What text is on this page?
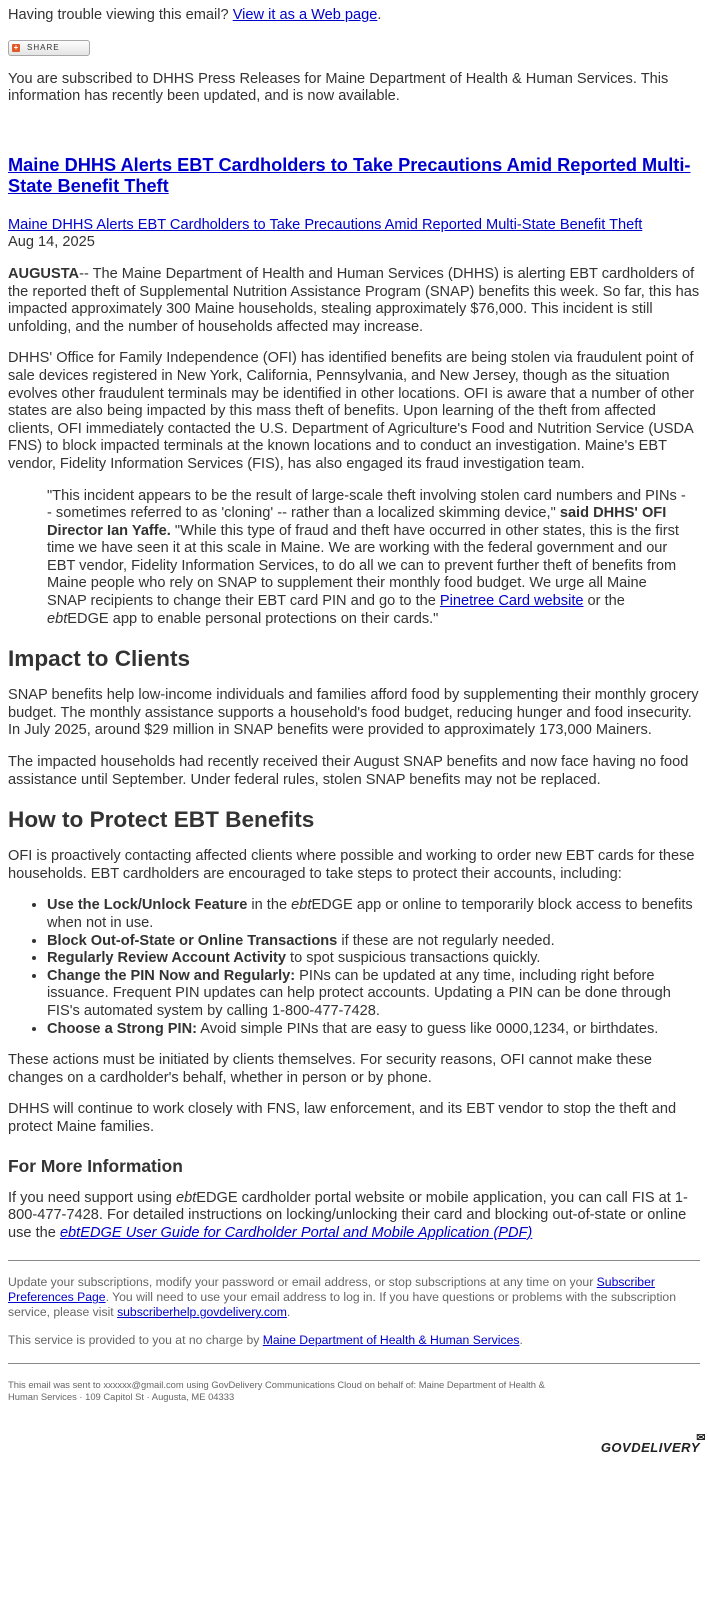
Having trouble viewing this email? View it as a Web page.

+ SHARE

You are subscribed to DHHS Press Releases for Maine Department of Health & Human Services. This information has recently been updated, and is now available.

Maine DHHS Alerts EBT Cardholders to Take Precautions Amid Reported Multi-State Benefit Theft

Maine DHHS Alerts EBT Cardholders to Take Precautions Amid Reported Multi-State Benefit Theft

Aug 14, 2025

AUGUSTA-- The Maine Department of Health and Human Services (DHHS) is alerting EBT cardholders of the reported theft of Supplemental Nutrition Assistance Program (SNAP) benefits this week. So far, this has impacted approximately 300 Maine households, stealing approximately $76,000. This incident is still unfolding, and the number of households affected may increase.

DHHS' Office for Family Independence (OFI) has identified benefits are being stolen via fraudulent point of sale devices registered in New York, California, Pennsylvania, and New Jersey, though as the situation evolves other fraudulent terminals may be identified in other locations. OFI is aware that a number of other states are also being impacted by this mass theft of benefits. Upon learning of the theft from affected clients, OFI immediately contacted the U.S. Department of Agriculture's Food and Nutrition Service (USDA FNS) to block impacted terminals at the known locations and to conduct an investigation. Maine's EBT vendor, Fidelity Information Services (FIS), has also engaged its fraud investigation team.

"This incident appears to be the result of large-scale theft involving stolen card numbers and PINs -- sometimes referred to as 'cloning' -- rather than a localized skimming device," said DHHS' OFI Director Ian Yaffe. "While this type of fraud and theft have occurred in other states, this is the first time we have seen it at this scale in Maine. We are working with the federal government and our EBT vendor, Fidelity Information Services, to do all we can to prevent further theft of benefits from Maine people who rely on SNAP to supplement their monthly food budget. We urge all Maine SNAP recipients to change their EBT card PIN and go to the Pinetree Card website or the ebtEDGE app to enable personal protections on their cards."

Impact to Clients

SNAP benefits help low-income individuals and families afford food by supplementing their monthly grocery budget. The monthly assistance supports a household's food budget, reducing hunger and food insecurity. In July 2025, around $29 million in SNAP benefits were provided to approximately 173,000 Mainers.

The impacted households had recently received their August SNAP benefits and now face having no food assistance until September. Under federal rules, stolen SNAP benefits may not be replaced.

How to Protect EBT Benefits

OFI is proactively contacting affected clients where possible and working to order new EBT cards for these households. EBT cardholders are encouraged to take steps to protect their accounts, including:

• Use the Lock/Unlock Feature in the ebtEDGE app or online to temporarily block access to benefits when not in use.
• Block Out-of-State or Online Transactions if these are not regularly needed.
• Regularly Review Account Activity to spot suspicious transactions quickly.
• Change the PIN Now and Regularly: PINs can be updated at any time, including right before issuance. Frequent PIN updates can help protect accounts. Updating a PIN can be done through FIS's automated system by calling 1-800-477-7428.
• Choose a Strong PIN: Avoid simple PINs that are easy to guess like 0000,1234, or birthdates.

These actions must be initiated by clients themselves. For security reasons, OFI cannot make these changes on a cardholder's behalf, whether in person or by phone.

DHHS will continue to work closely with FNS, law enforcement, and its EBT vendor to stop the theft and protect Maine families.

For More Information

If you need support using ebtEDGE cardholder portal website or mobile application, you can call FIS at 1-800-477-7428. For detailed instructions on locking/unlocking their card and blocking out-of-state or online use the ebtEDGE User Guide for Cardholder Portal and Mobile Application (PDF)

Update your subscriptions, modify your password or email address, or stop subscriptions at any time on your Subscriber Preferences Page. You will need to use your email address to log in. If you have questions or problems with the subscription service, please visit subscriberhelp.govdelivery.com.

This service is provided to you at no charge by Maine Department of Health & Human Services.

This email was sent to xxxxxx@gmail.com using GovDelivery Communications Cloud on behalf of: Maine Department of Health & Human Services · 109 Capitol St · Augusta, ME 04333

GOVDELIVERY
✉
